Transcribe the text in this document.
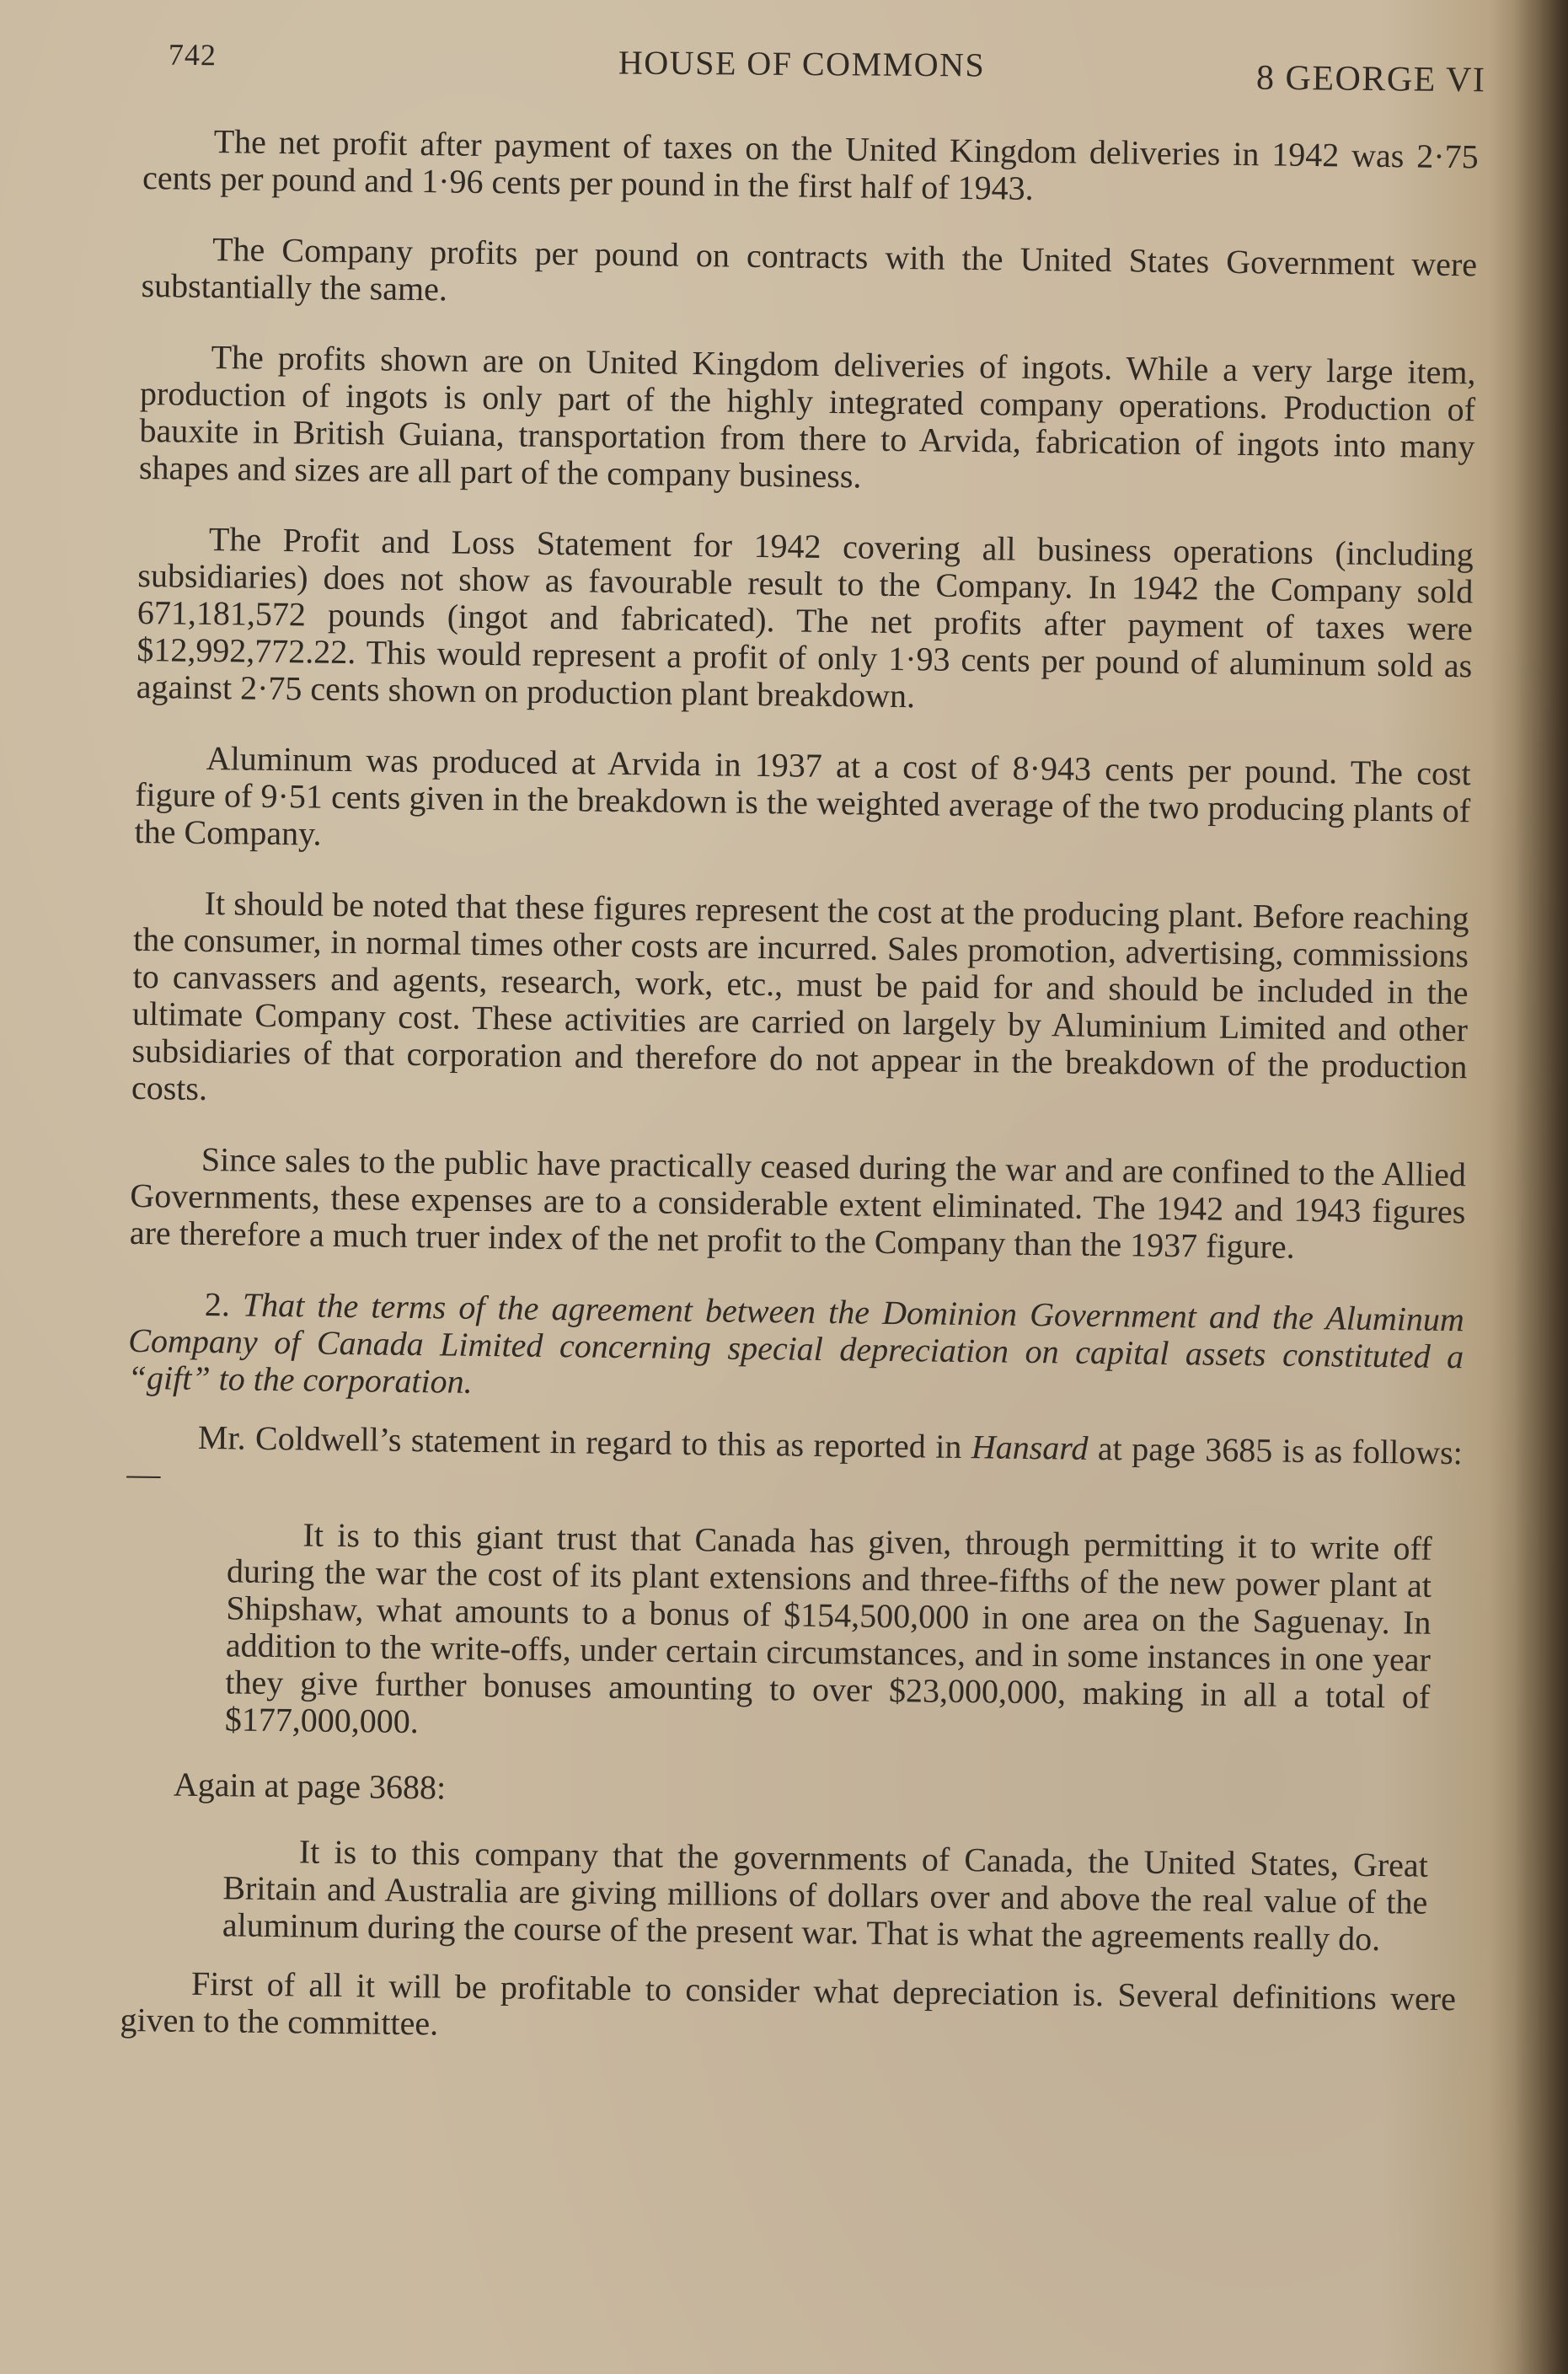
742	HOUSE OF COMMONS	8 GEORGE VI

The net profit after payment of taxes on the United Kingdom deliveries in 1942 was 2·75 cents per pound and 1·96 cents per pound in the first half of 1943.

The Company profits per pound on contracts with the United States Government were substantially the same.

The profits shown are on United Kingdom deliveries of ingots. While a very large item, production of ingots is only part of the highly integrated company operations. Production of bauxite in British Guiana, transportation from there to Arvida, fabrication of ingots into many shapes and sizes are all part of the company business.

The Profit and Loss Statement for 1942 covering all business operations (including subsidiaries) does not show as favourable result to the Company. In 1942 the Company sold 671,181,572 pounds (ingot and fabricated). The net profits after payment of taxes were $12,992,772.22. This would represent a profit of only 1·93 cents per pound of aluminum sold as against 2·75 cents shown on production plant breakdown.

Aluminum was produced at Arvida in 1937 at a cost of 8·943 cents per pound. The cost figure of 9·51 cents given in the breakdown is the weighted average of the two producing plants of the Company.

It should be noted that these figures represent the cost at the producing plant. Before reaching the consumer, in normal times other costs are incurred. Sales promotion, advertising, commissions to canvassers and agents, research, work, etc., must be paid for and should be included in the ultimate Company cost. These activities are carried on largely by Aluminium Limited and other subsidiaries of that corporation and therefore do not appear in the breakdown of the production costs.

Since sales to the public have practically ceased during the war and are confined to the Allied Governments, these expenses are to a considerable extent eliminated. The 1942 and 1943 figures are therefore a much truer index of the net profit to the Company than the 1937 figure.

2. That the terms of the agreement between the Dominion Government and the Aluminum Company of Canada Limited concerning special depreciation on capital assets constituted a “gift” to the corporation.

Mr. Coldwell’s statement in regard to this as reported in Hansard at page 3685 is as follows:—

It is to this giant trust that Canada has given, through permitting it to write off during the war the cost of its plant extensions and three-fifths of the new power plant at Shipshaw, what amounts to a bonus of $154,500,000 in one area on the Saguenay. In addition to the write-offs, under certain circumstances, and in some instances in one year they give further bonuses amounting to over $23,000,000, making in all a total of $177,000,000.

Again at page 3688:

It is to this company that the governments of Canada, the United States, Great Britain and Australia are giving millions of dollars over and above the real value of the aluminum during the course of the present war. That is what the agreements really do.

First of all it will be profitable to consider what depreciation is. Several definitions were given to the committee.
